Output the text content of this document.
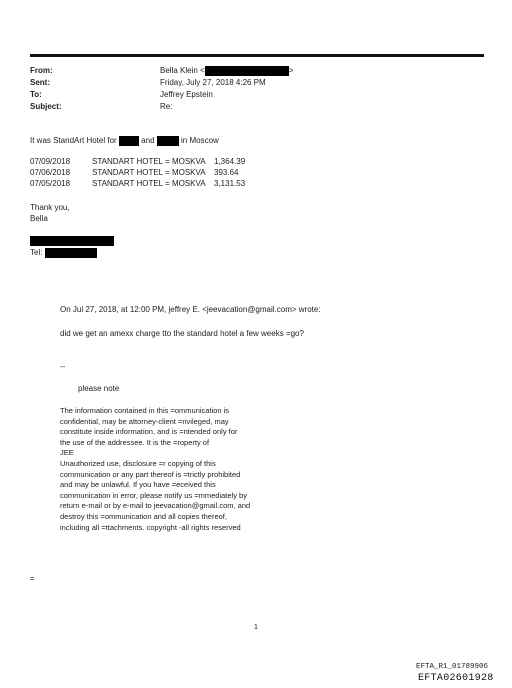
From:	Bella Klein <	>
Sent:	Friday, July 27, 2018 4:26 PM
To:	Jeffrey Epstein
Subject:	Re:
It was StandArt Hotel for	and	in Moscow
07/09/2018	STANDART HOTEL = MOSKVA 1,364.39
07/06/2018	STANDART HOTEL = MOSKVA 393.64
07/05/2018	STANDART HOTEL = MOSKVA 3,131.53
Thank you,
Bella
Tel:
On Jul 27, 2018, at 12:00 PM, jeffrey E. <jeevacation@gmail.com> wrote:
did we get an amexx charge tto the standard hotel a few weeks =go?
--
please note
The information contained in this =ommunication is
confidential, may be attorney-client =rivileged, may
constitute inside information, and is =ntended only for
the use of the addressee. It is the =roperty of
JEE
Unauthorized use, disclosure =r copying of this
communication or any part thereof is =trictly prohibited
and may be unlawful. If you have =eceived this
communication in error, please notify us =mmediately by
return e-mail or by e-mail to jeevacation@gmail.com, and
destroy this =ommunication and all copies thereof,
including all =ttachments. copyright -all rights reserved
=
1
EFTA_R1_01789906
EFTA02601928
